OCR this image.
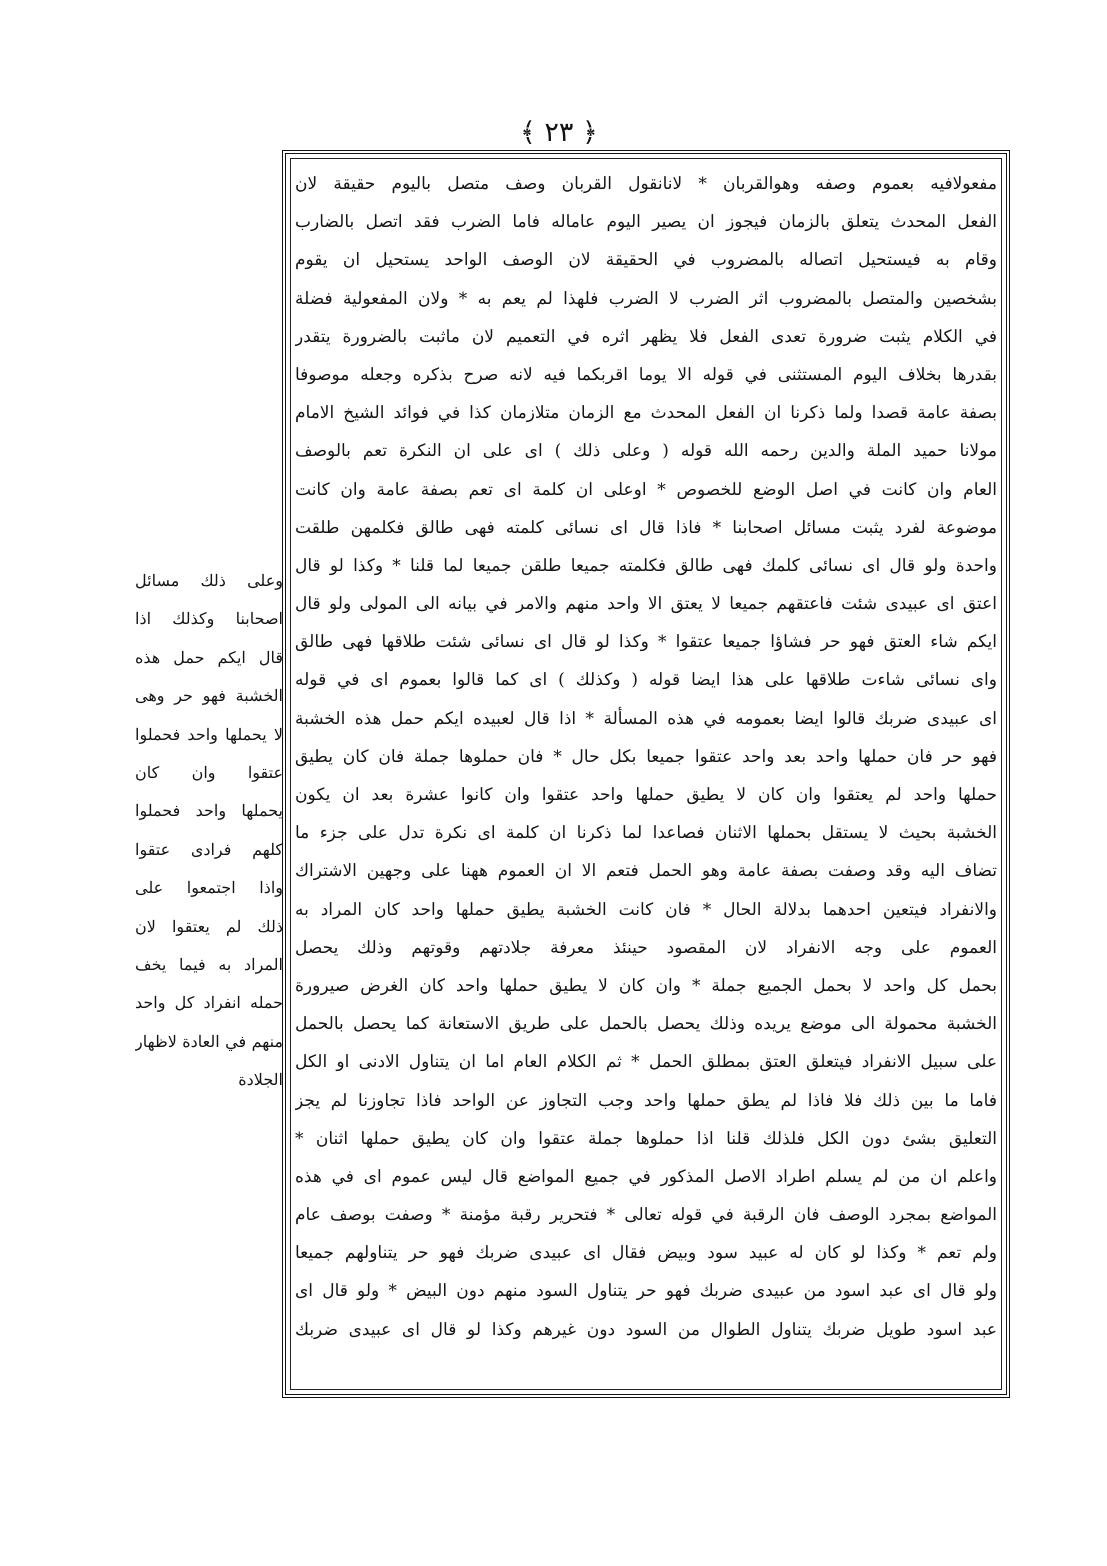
﴿ ٢٣ ﴾
مفعولافيه بعموم وصفه وهوالقربان * لانانقول القربان وصف متصل باليوم حقيقة لان
الفعل المحدث يتعلق بالزمان فيجوز ان يصير اليوم عاماله فاما الضرب فقد اتصل بالضارب
وقام به فيستحيل اتصاله بالمضروب في الحقيقة لان الوصف الواحد يستحيل ان يقوم
بشخصين والمتصل بالمضروب اثر الضرب لا الضرب فلهذا لم يعم به * ولان المفعولية فضلة
في الكلام يثبت ضرورة تعدى الفعل فلا يظهر اثره في التعميم لان ماثبت بالضرورة يتقدر
بقدرها بخلاف اليوم المستثنى في قوله الا يوما اقربكما فيه لانه صرح بذكره وجعله موصوفا
بصفة عامة قصدا ولما ذكرنا ان الفعل المحدث مع الزمان متلازمان كذا في فوائد الشيخ الامام
مولانا حميد الملة والدين رحمه الله قوله ( وعلى ذلك ) اى على ان النكرة تعم بالوصف
العام وان كانت في اصل الوضع للخصوص * اوعلى ان كلمة اى تعم بصفة عامة وان كانت
موضوعة لفرد يثبت مسائل اصحابنا * فاذا قال اى نسائى كلمته فهى طالق فكلمهن طلقت
واحدة ولو قال اى نسائى كلمك فهى طالق فكلمته جميعا طلقن جميعا لما قلنا * وكذا لو قال
اعتق اى عبيدى شئت فاعتقهم جميعا لا يعتق الا واحد منهم والامر في بيانه الى المولى ولو قال
ايكم شاء العتق فهو حر فشاؤا جميعا عتقوا * وكذا لو قال اى نسائى شئت طلاقها فهى طالق
واى نسائى شاءت طلاقها على هذا ايضا قوله ( وكذلك ) اى كما قالوا بعموم اى في قوله
اى عبيدى ضربك قالوا ايضا بعمومه في هذه المسألة * اذا قال لعبيده ايكم حمل هذه الخشبة
فهو حر فان حملها واحد بعد واحد عتقوا جميعا بكل حال * فان حملوها جملة فان كان يطيق
حملها واحد لم يعتقوا وان كان لا يطيق حملها واحد عتقوا وان كانوا عشرة بعد ان يكون
الخشبة بحيث لا يستقل بحملها الاثنان فصاعدا لما ذكرنا ان كلمة اى نكرة تدل على جزء ما
تضاف اليه وقد وصفت بصفة عامة وهو الحمل فتعم الا ان العموم ههنا على وجهين الاشتراك
والانفراد فيتعين احدهما بدلالة الحال * فان كانت الخشبة يطيق حملها واحد كان المراد به
العموم على وجه الانفراد لان المقصود حينئذ معرفة جلادتهم وقوتهم وذلك يحصل
بحمل كل واحد لا بحمل الجميع جملة * وان كان لا يطيق حملها واحد كان الغرض صيرورة
الخشبة محمولة الى موضع يريده وذلك يحصل بالحمل على طريق الاستعانة كما يحصل بالحمل
على سبيل الانفراد فيتعلق العتق بمطلق الحمل * ثم الكلام العام اما ان يتناول الادنى او الكل
فاما ما بين ذلك فلا فاذا لم يطق حملها واحد وجب التجاوز عن الواحد فاذا تجاوزنا لم يجز
التعليق بشئ دون الكل فلذلك قلنا اذا حملوها جملة عتقوا وان كان يطيق حملها اثنان *
واعلم ان من لم يسلم اطراد الاصل المذكور في جميع المواضع قال ليس عموم اى في هذه
المواضع بمجرد الوصف فان الرقبة في قوله تعالى * فتحرير رقبة مؤمنة * وصفت بوصف عام
ولم تعم * وكذا لو كان له عبيد سود وبيض فقال اى عبيدى ضربك فهو حر يتناولهم جميعا
ولو قال اى عبد اسود من عبيدى ضربك فهو حر يتناول السود منهم دون البيض * ولو قال اى
عبد اسود طويل ضربك يتناول الطوال من السود دون غيرهم وكذا لو قال اى عبيدى ضربك
وعلى ذلك مسائل
اصحابنا وكذلك اذا
قال ايكم حمل هذه
الخشبة فهو حر وهى
لا يحملها واحد فحملوا
عتقوا وان كان
يحملها واحد فحملوا
كلهم فرادى عتقوا
واذا اجتمعوا على
ذلك لم يعتقوا لان
المراد به فيما يخف
حمله انفراد كل واحد
منهم في العادة لاظهار
الجلادة
